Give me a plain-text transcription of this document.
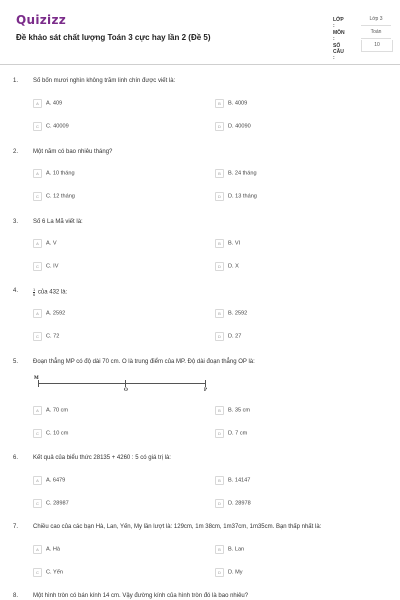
Quizizz
Đề khảo sát chất lượng Toán 3 cực hay lần 2 (Đề 5)
LỚP :
Lớp 3
MÔN :
Toán
SỐ CÂU :
10
1. Số bốn mươi nghìn không trăm linh chín được viết là:
A A. 409	B B. 4009
C C. 40009	D D. 40090
2. Một năm có bao nhiêu tháng?
A A. 10 tháng	B B. 24 tháng
C C. 12 tháng	D D. 13 tháng
3. Số 6 La Mã viết là:
A A. V	B B. VI
C C. IV	D D. X
4.	$\frac{1}{6}$ của 432 là:
A A. 2592	B B. 2592
C C. 72	D D. 27
5. Đoạn thẳng MP có độ dài 70 cm. O là trung điểm của MP. Độ dài đoạn thẳng OP là:
M
O	P
A A. 70 cm	B B. 35 cm
C C. 10 cm	D D. 7 cm
6. Kết quả của biểu thức 28135 + 4260 : 5 có giá trị là:
A A. 6479	B B. 14147
C C. 28987	D D. 28978
7. Chiều cao của các bạn Hà, Lan, Yến, My lần lượt là: 129cm, 1m 38cm, 1m37cm, 1m35cm. Bạn thấp nhất là:
A A. Hà	B B. Lan
C C. Yến	D D. My
8. Một hình tròn có bán kính 14 cm. Vậy đường kính của hình tròn đó là bao nhiêu?
